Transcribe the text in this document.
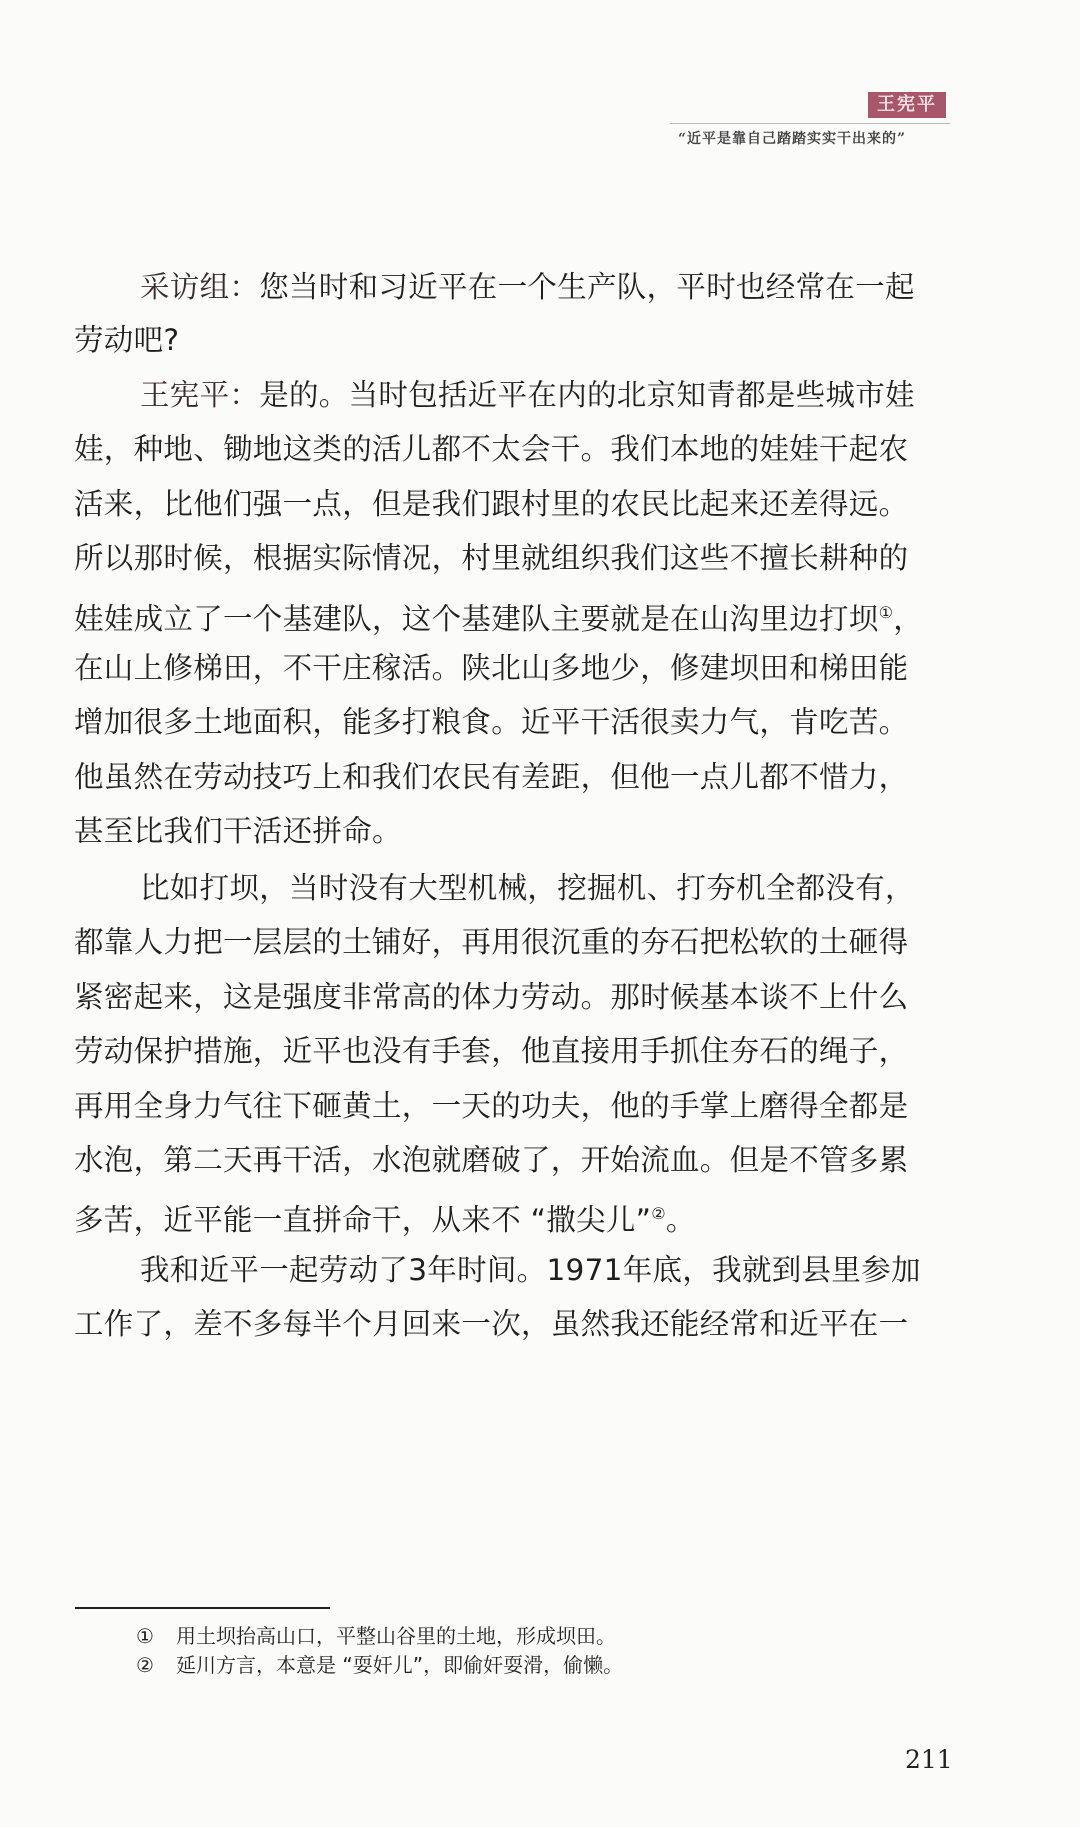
王宪平
“近平是靠自己踏踏实实干出来的”
采访组：您当时和习近平在一个生产队，平时也经常在一起
劳动吧?
王宪平：是的。当时包括近平在内的北京知青都是些城市娃
娃，种地、锄地这类的活儿都不太会干。我们本地的娃娃干起农
活来，比他们强一点，但是我们跟村里的农民比起来还差得远。
所以那时候，根据实际情况，村里就组织我们这些不擅长耕种的
娃娃成立了一个基建队，这个基建队主要就是在山沟里边打坝①，
在山上修梯田，不干庄稼活。陕北山多地少，修建坝田和梯田能
增加很多土地面积，能多打粮食。近平干活很卖力气，肯吃苦。
他虽然在劳动技巧上和我们农民有差距，但他一点儿都不惜力，
甚至比我们干活还拼命。
比如打坝，当时没有大型机械，挖掘机、打夯机全都没有，
都靠人力把一层层的土铺好，再用很沉重的夯石把松软的土砸得
紧密起来，这是强度非常高的体力劳动。那时候基本谈不上什么
劳动保护措施，近平也没有手套，他直接用手抓住夯石的绳子，
再用全身力气往下砸黄土，一天的功夫，他的手掌上磨得全都是
水泡，第二天再干活，水泡就磨破了，开始流血。但是不管多累
多苦，近平能一直拼命干，从来不 “撒尖儿”②。
我和近平一起劳动了3年时间。1971年底，我就到县里参加
工作了，差不多每半个月回来一次，虽然我还能经常和近平在一
① 用土坝抬高山口，平整山谷里的土地，形成坝田。
② 延川方言，本意是 “耍奸儿”，即偷奸耍滑，偷懒。
211
